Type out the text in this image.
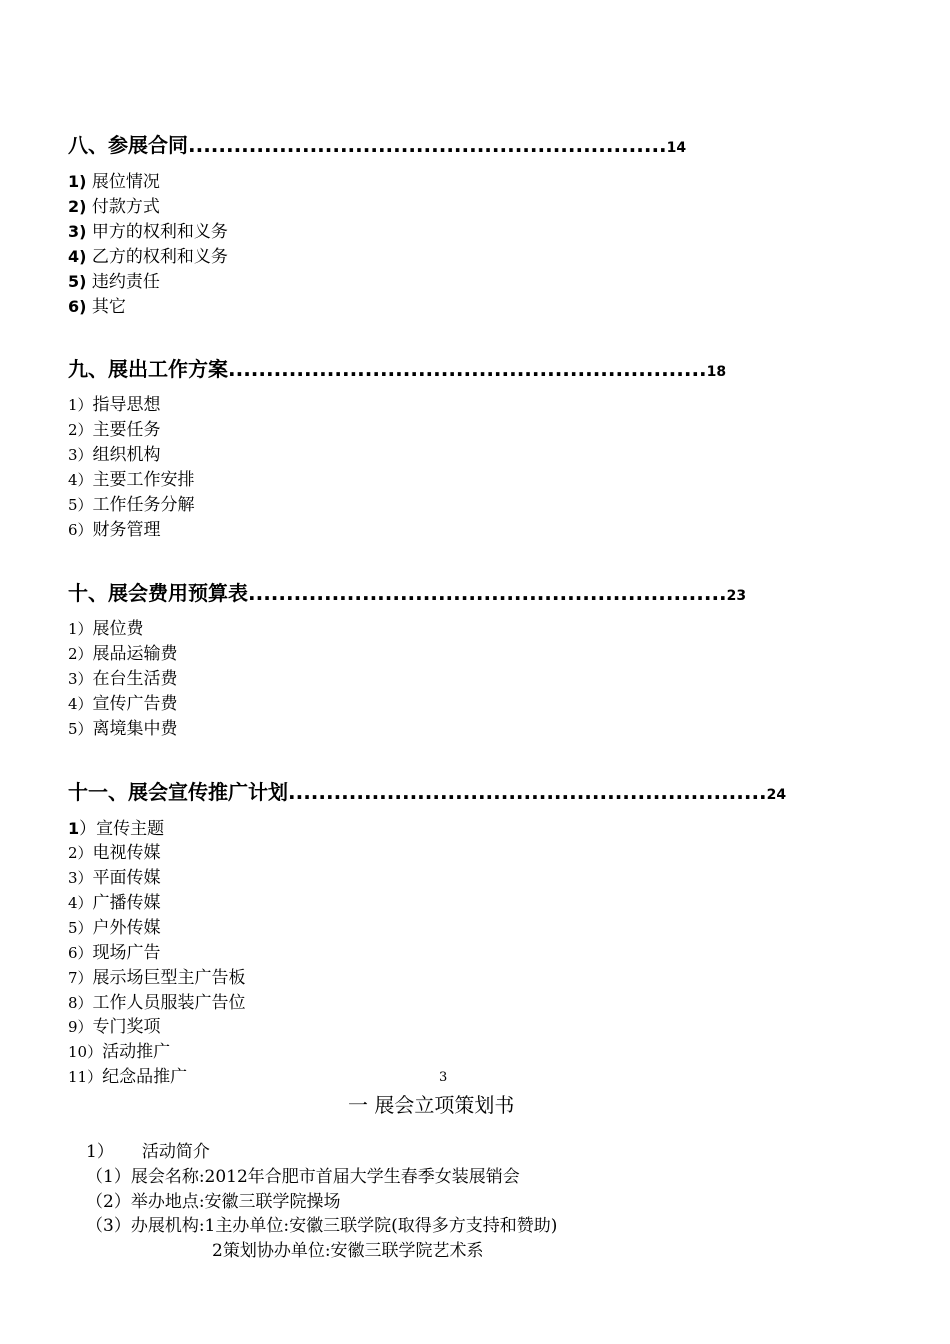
八、参展合同...............................................................14
1) 展位情况
2) 付款方式
3) 甲方的权利和义务
4) 乙方的权利和义务
5) 违约责任
6) 其它
九、展出工作方案...............................................................18
1）指导思想
2）主要任务
3）组织机构
4）主要工作安排
5）工作任务分解
6）财务管理
十、展会费用预算表...............................................................23
1）展位费
2）展品运输费
3）在台生活费
4）宣传广告费
5）离境集中费
十一、展会宣传推广计划...............................................................24
1）宣传主题
2）电视传媒
3）平面传媒
4）广播传媒
5）户外传媒
6）现场广告
7）展示场巨型主广告板
8）工作人员服装广告位
9）专门奖项
10）活动推广
11）纪念品推广	3
一 展会立项策划书
1） 活动简介
（1）展会名称:2012年合肥市首届大学生春季女装展销会
（2）举办地点:安徽三联学院操场
（3）办展机构:1主办单位:安徽三联学院(取得多方支持和赞助)
2策划协办单位:安徽三联学院艺术系
